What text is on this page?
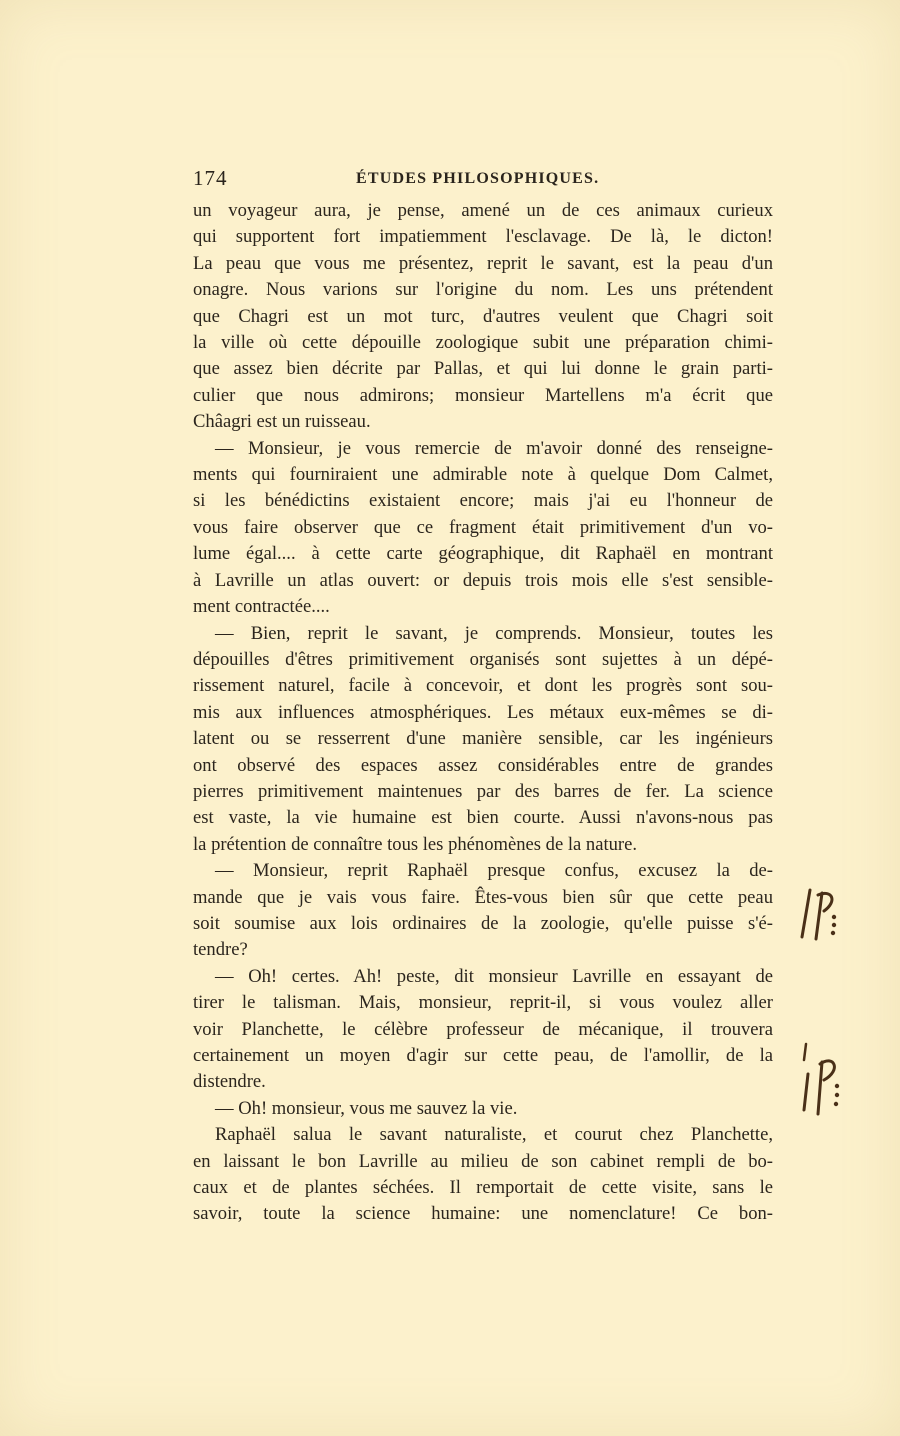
174	ÉTUDES PHILOSOPHIQUES.
un voyageur aura, je pense, amené un de ces animaux curieux
qui supportent fort impatiemment l'esclavage. De là, le dicton!
La peau que vous me présentez, reprit le savant, est la peau d'un
onagre. Nous varions sur l'origine du nom. Les uns prétendent
que Chagri est un mot turc, d'autres veulent que Chagri soit
la ville où cette dépouille zoologique subit une préparation chimi-
que assez bien décrite par Pallas, et qui lui donne le grain parti-
culier que nous admirons; monsieur Martellens m'a écrit que
Châagri est un ruisseau.
— Monsieur, je vous remercie de m'avoir donné des renseigne-
ments qui fourniraient une admirable note à quelque Dom Calmet,
si les bénédictins existaient encore; mais j'ai eu l'honneur de
vous faire observer que ce fragment était primitivement d'un vo-
lume égal.... à cette carte géographique, dit Raphaël en montrant
à Lavrille un atlas ouvert: or depuis trois mois elle s'est sensible-
ment contractée....
— Bien, reprit le savant, je comprends. Monsieur, toutes les
dépouilles d'êtres primitivement organisés sont sujettes à un dépé-
rissement naturel, facile à concevoir, et dont les progrès sont sou-
mis aux influences atmosphériques. Les métaux eux-mêmes se di-
latent ou se resserrent d'une manière sensible, car les ingénieurs
ont observé des espaces assez considérables entre de grandes
pierres primitivement maintenues par des barres de fer. La science
est vaste, la vie humaine est bien courte. Aussi n'avons-nous pas
la prétention de connaître tous les phénomènes de la nature.
— Monsieur, reprit Raphaël presque confus, excusez la de-
mande que je vais vous faire. Êtes-vous bien sûr que cette peau
soit soumise aux lois ordinaires de la zoologie, qu'elle puisse s'é-
tendre?
— Oh! certes. Ah! peste, dit monsieur Lavrille en essayant de
tirer le talisman. Mais, monsieur, reprit-il, si vous voulez aller
voir Planchette, le célèbre professeur de mécanique, il trouvera
certainement un moyen d'agir sur cette peau, de l'amollir, de la
distendre.
— Oh! monsieur, vous me sauvez la vie.
Raphaël salua le savant naturaliste, et courut chez Planchette,
en laissant le bon Lavrille au milieu de son cabinet rempli de bo-
caux et de plantes séchées. Il remportait de cette visite, sans le
savoir, toute la science humaine: une nomenclature! Ce bon-
